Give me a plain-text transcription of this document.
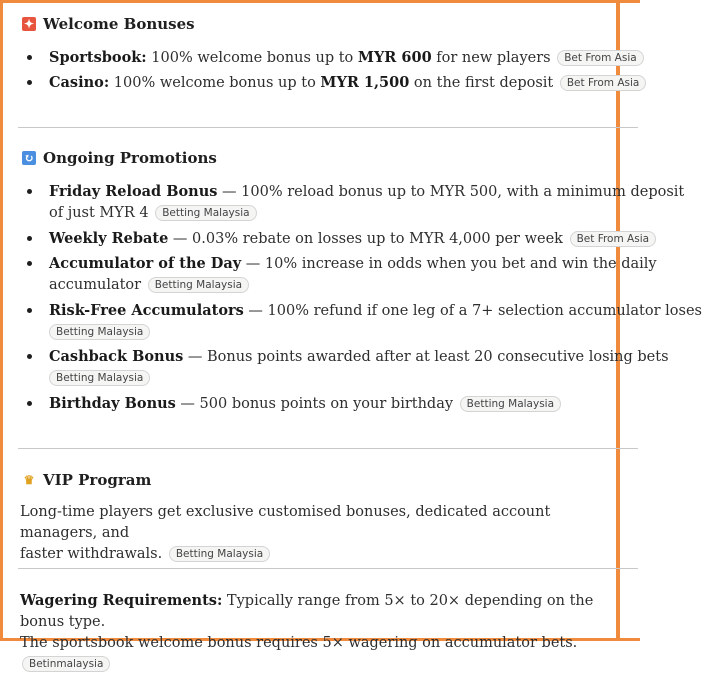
✦ Welcome Bonuses
Sportsbook: 100% welcome bonus up to MYR 600 for new players Bet From Asia
Casino: 100% welcome bonus up to MYR 1,500 on the first deposit Bet From Asia
↻ Ongoing Promotions
Friday Reload Bonus — 100% reload bonus up to MYR 500, with a minimum deposit
of just MYR 4 Betting Malaysia
Weekly Rebate — 0.03% rebate on losses up to MYR 4,000 per week Bet From Asia
Accumulator of the Day — 10% increase in odds when you bet and win the daily
accumulator Betting Malaysia
Risk-Free Accumulators — 100% refund if one leg of a 7+ selection accumulator loses
Betting Malaysia
Cashback Bonus — Bonus points awarded after at least 20 consecutive losing bets
Betting Malaysia
Birthday Bonus — 500 bonus points on your birthday Betting Malaysia
♛ VIP Program
Long-time players get exclusive customised bonuses, dedicated account managers, and
faster withdrawals. Betting Malaysia
Wagering Requirements: Typically range from 5× to 20× depending on the bonus type.
The sportsbook welcome bonus requires 5× wagering on accumulator bets. Betinmalaysia
